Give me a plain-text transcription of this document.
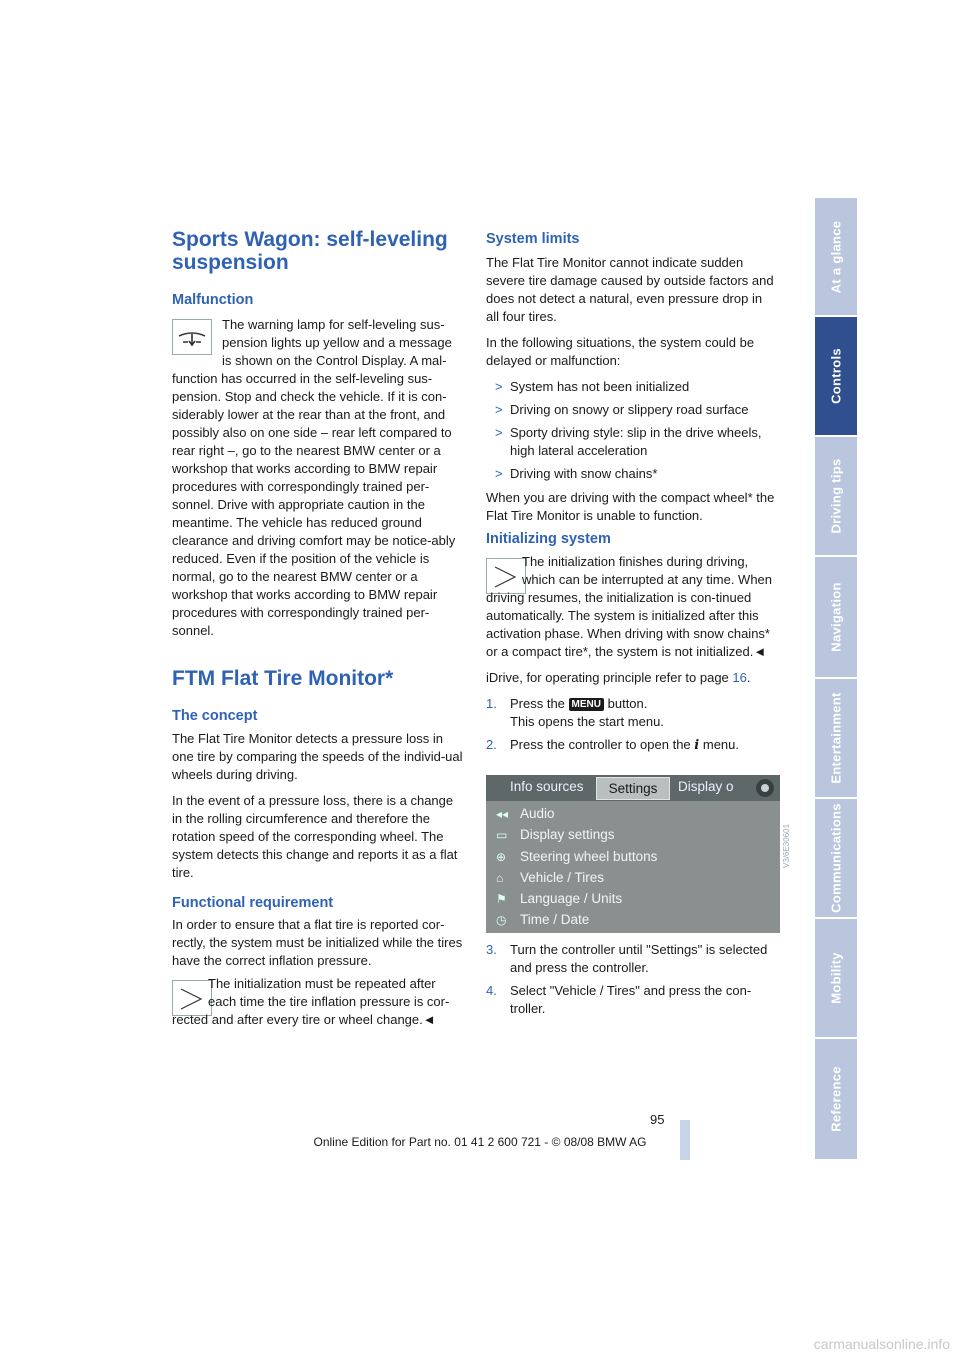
At a glance
Controls
Driving tips
Navigation
Entertainment
Communications
Mobility
Reference
Sports Wagon: self-leveling suspension
Malfunction

The warning lamp for self-leveling sus-pension lights up yellow and a message is shown on the Control Display. A mal-function has occurred in the self-leveling sus-pension. Stop and check the vehicle. If it is con-siderably lower at the rear than at the front, and possibly also on one side – rear left compared to rear right –, go to the nearest BMW center or a workshop that works according to BMW repair procedures with correspondingly trained per-sonnel. Drive with appropriate caution in the meantime. The vehicle has reduced ground clearance and driving comfort may be notice-ably reduced. Even if the position of the vehicle is normal, go to the nearest BMW center or a workshop that works according to BMW repair procedures with correspondingly trained per-sonnel.

FTM Flat Tire Monitor*
The concept

The Flat Tire Monitor detects a pressure loss in one tire by comparing the speeds of the individ-ual wheels during driving.

In the event of a pressure loss, there is a change in the rolling circumference and therefore the rotation speed of the corresponding wheel. The system detects this change and reports it as a flat tire.

Functional requirement

In order to ensure that a flat tire is reported cor-rectly, the system must be initialized while the tires have the correct inflation pressure.

The initialization must be repeated after each time the tire inflation pressure is cor-rected and after every tire or wheel change.◄

System limits

The Flat Tire Monitor cannot indicate sudden severe tire damage caused by outside factors and does not detect a natural, even pressure drop in all four tires.

In the following situations, the system could be delayed or malfunction:

> System has not been initialized
> Driving on snowy or slippery road surface
> Sporty driving style: slip in the drive wheels, high lateral acceleration
> Driving with snow chains*

When you are driving with the compact wheel* the Flat Tire Monitor is unable to function.

Initializing system

The initialization finishes during driving, which can be interrupted at any time. When driving resumes, the initialization is con-tinued automatically. The system is initialized after this activation phase. When driving with snow chains* or a compact tire*, the system is not initialized.◄

iDrive, for operating principle refer to page 16.

1. Press the MENU button.
This opens the start menu.
2. Press the controller to open the i menu.
Info sources	Settings	Display o
◂◂ Audio
▭ Display settings
⊕ Steering wheel buttons
⌂ Vehicle / Tires
⚑ Language / Units
◷ Time / Date
V3/6E30601
3. Turn the controller until "Settings" is selected and press the controller.
4. Select "Vehicle / Tires" and press the con-troller.
95
Online Edition for Part no. 01 41 2 600 721 - © 08/08 BMW AG
carmanualsonline.info
